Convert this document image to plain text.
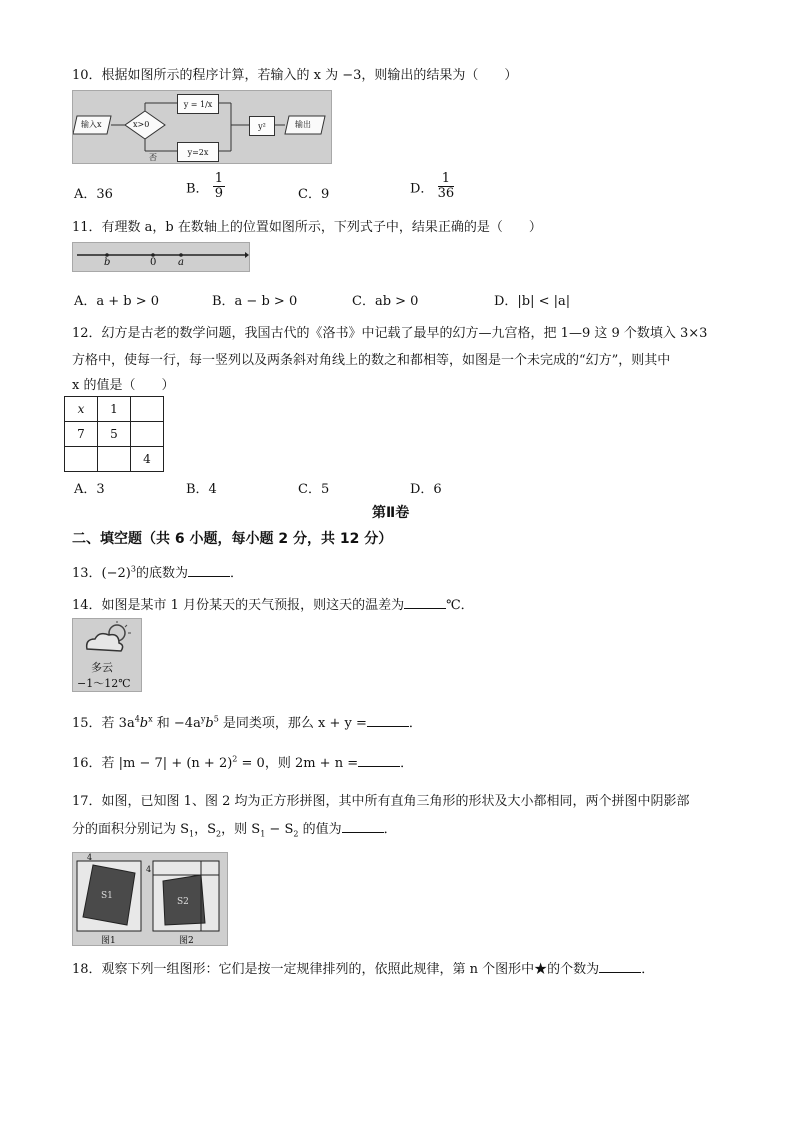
10．根据如图所示的程序计算，若输入的 x 为 −3，则输出的结果为（　　）
输入x	x>0
y = 1/x
y=2x
否
y²	输出
A．36	B． $\frac{1}{9}$	C．9	D． $\frac{1}{36}$
11．有理数 a，b 在数轴上的位置如图所示，下列式子中，结果正确的是（　　）
b	0 a
A．a + b > 0	B．a − b > 0	C．ab > 0	D．|b| < |a|
12．幻方是古老的数学问题，我国古代的《洛书》中记载了最早的幻方—九宫格，把 1—9 这 9 个数填入 3×3
方格中，使每一行，每一竖列以及两条斜对角线上的数之和都相等，如图是一个未完成的“幻方”，则其中
x 的值是（　　）
x	1	
7	5	
		4
A．3	B．4	C．5	D．6
第Ⅱ卷
二、填空题（共 6 小题，每小题 2 分，共 12 分）
13．$(-2)^3$的底数为	．
14．如图是某市 1 月份某天的天气预报，则这天的温差为	℃．
多云
−1～12℃
15．若 $3a^4b^x$ 和 $-4a^yb^5$ 是同类项，那么 x + y =	．
16．若 $|m - 7| + (n + 2)^2 = 0$，则 2m + n =	．
17．如图，已知图 1、图 2 均为正方形拼图，其中所有直角三角形的形状及大小都相同，两个拼图中阴影部
分的面积分别记为 $S_1$，$S_2$，则 $S_1 - S_2$ 的值为	．
4
4
S1
S2
图1	图2
18．观察下列一组图形：它们是按一定规律排列的，依照此规律，第 n 个图形中★的个数为	．
